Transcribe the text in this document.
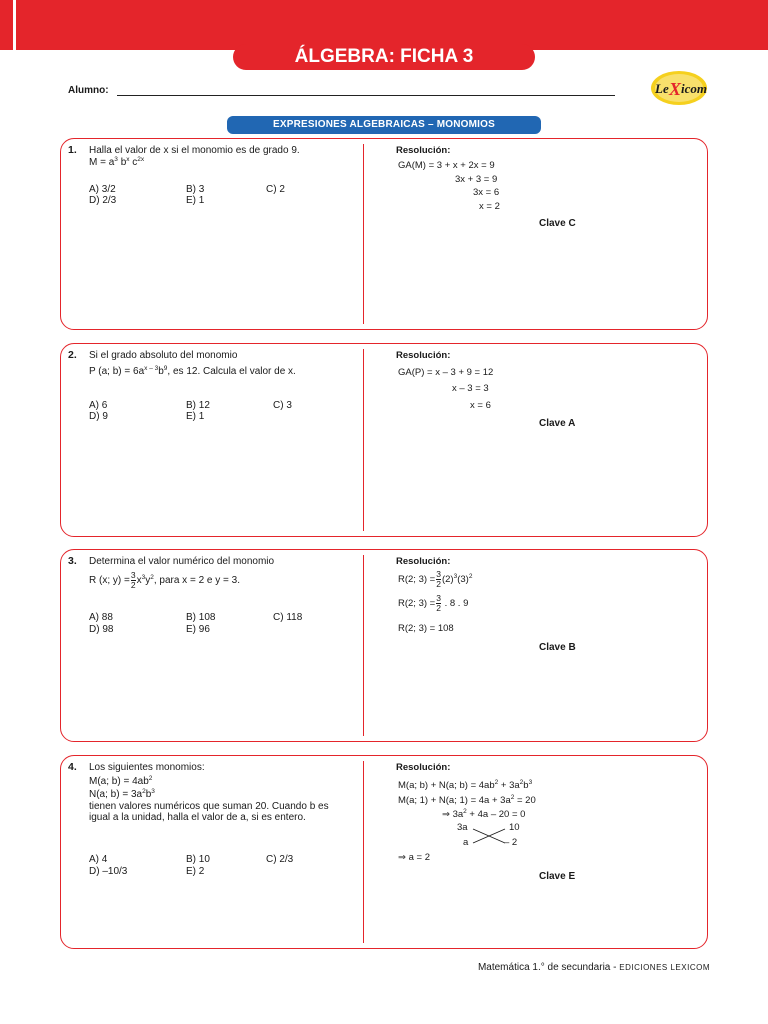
ÁLGEBRA: FICHA 3
Alumno:	Le X icom
EXPRESIONES ALGEBRAICAS – MONOMIOS
1. Halla el valor de x si el monomio es de grado 9.
$M = a^3$ $b^x$ $c^{2x}$
A) 3/2	B) 3	C) 2
D) 2/3	E) 1
Resolución:
GA(M) = 3 + x + 2x = 9
3x + 3 = 9
3x = 6
x = 2
Clave C
2. Si el grado absoluto del monomio
P (a; $b) = 6a^{x - 3}b^9$, es 12. Calcula el valor de x.
A) 6	B) 12	C) 3
D) 9	E) 1
Resolución:
GA(P) = x – 3 + 9 = 12
x – 3 = 3
x = 6
Clave A
3. Determina el valor numérico del monomio
R (x; $y) = \frac{3}{2} x^3y^2$, para x = 2 e y = 3.
A) 88	B) 108	C) 118
D) 98	E) 96
Resolución:
R(2; $3) = \frac{3}{2} (2)^3(3)^2$
R(2; $3) = \frac{3}{2}$ . 8 . 9
R(2; 3) = 108
Clave B
4. Los siguientes monomios:
M(a; $b) = 4ab^2$
N(a; $b) = 3a^2b^3$
tienen valores numéricos que suman 20. Cuando b es igual a la unidad, halla el valor de a, si es entero.
A) 4	B) 10	C) 2/3
D) –10/3	E) 2
Resolución:
M(a; b) + N(a; $b) = 4ab^2 + 3a^2b^3$
M(a; 1) + N(a; $1) = 4a + 3a^2 = 20$
⇒ $3a^2 + 4a - 20 = 0$
3a	10
a	– 2
⇒ a = 2
Clave E
Matemática 1.° de secundaria - EDICIONES LEXICOM
